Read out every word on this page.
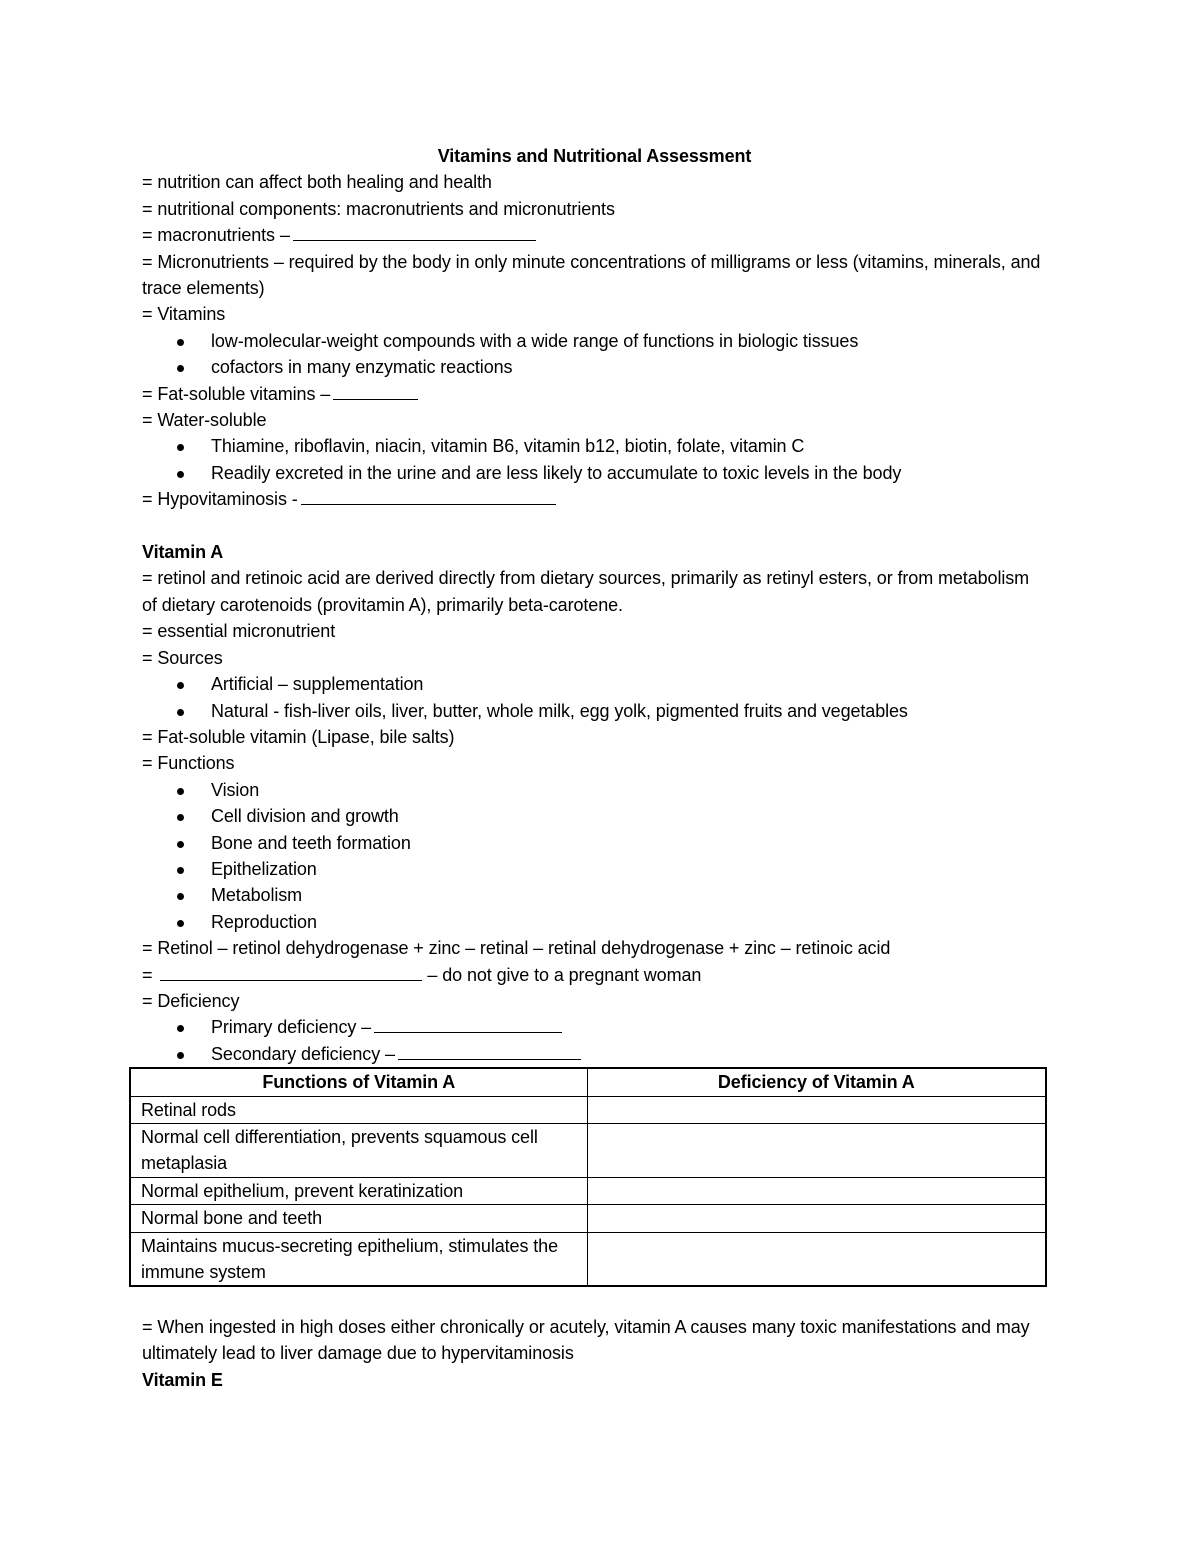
Vitamins and Nutritional Assessment

= nutrition can affect both healing and health

= nutritional components: macronutrients and micronutrients

= macronutrients –

= Micronutrients – required by the body in only minute concentrations of milligrams or less (vitamins, minerals, and trace elements)

= Vitamins

low-molecular-weight compounds with a wide range of functions in biologic tissues
cofactors in many enzymatic reactions

= Fat-soluble vitamins –

= Water-soluble

Thiamine, riboflavin, niacin, vitamin B6, vitamin b12, biotin, folate, vitamin C
Readily excreted in the urine and are less likely to accumulate to toxic levels in the body

= Hypovitaminosis -

Vitamin A

= retinol and retinoic acid are derived directly from dietary sources, primarily as retinyl esters, or from metabolism of dietary carotenoids (provitamin A), primarily beta-carotene.

= essential micronutrient

= Sources

Artificial – supplementation
Natural - fish-liver oils, liver, butter, whole milk, egg yolk, pigmented fruits and vegetables

= Fat-soluble vitamin (Lipase, bile salts)

= Functions

Vision
Cell division and growth
Bone and teeth formation
Epithelization
Metabolism
Reproduction

= Retinol – retinol dehydrogenase + zinc – retinal – retinal dehydrogenase + zinc – retinoic acid

=	– do not give to a pregnant woman

= Deficiency

Primary deficiency –
Secondary deficiency –
Functions of Vitamin A	Deficiency of Vitamin A
Retinal rods	
Normal cell differentiation, prevents squamous cell metaplasia	
Normal epithelium, prevent keratinization	
Normal bone and teeth	
Maintains mucus-secreting epithelium, stimulates the immune system	

= When ingested in high doses either chronically or acutely, vitamin A causes many toxic manifestations and may ultimately lead to liver damage due to hypervitaminosis

Vitamin E
